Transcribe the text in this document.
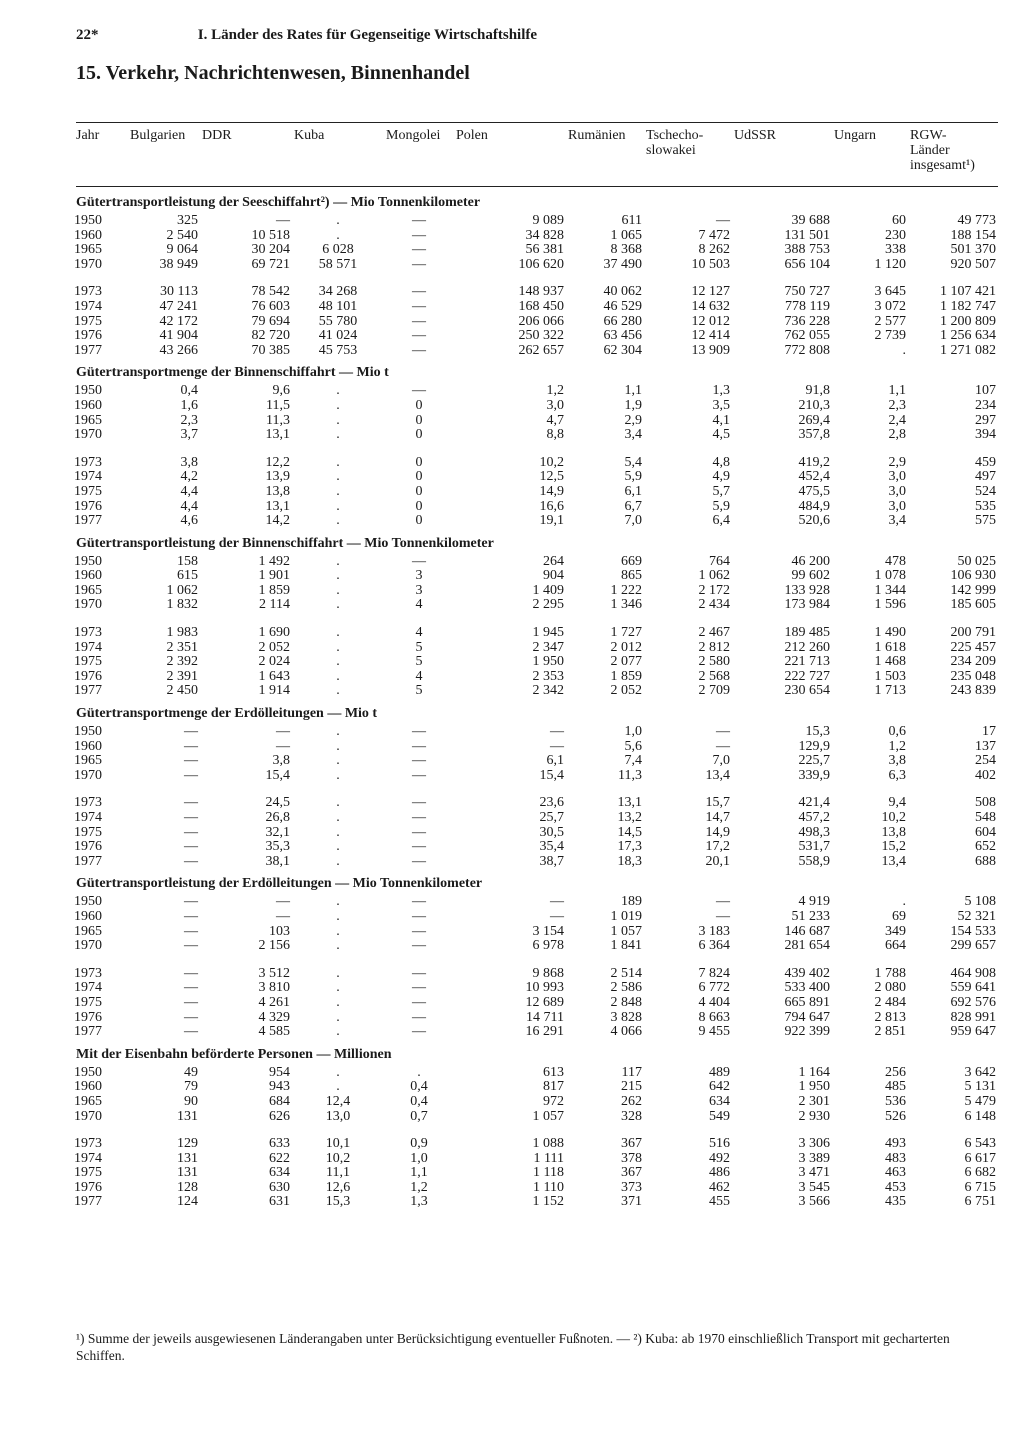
22*	I. Länder des Rates für Gegenseitige Wirtschaftshilfe
15. Verkehr, Nachrichtenwesen, Binnenhandel
Jahr	Bulgarien	DDR	Kuba	Mongolei	Polen	Rumänien	Tschecho-
slowakei	UdSSR	Ungarn	RGW-
Länder
insgesamt¹)
Gütertransportleistung der Seeschiffahrt²) — Mio Tonnenkilometer										
1950	325	—	.	—	9 089	611	—	39 688	60	49 773
1960	2 540	10 518	.	—	34 828	1 065	7 472	131 501	230	188 154
1965	9 064	30 204	6 028	—	56 381	8 368	8 262	388 753	338	501 370
1970	38 949	69 721	58 571	—	106 620	37 490	10 503	656 104	1 120	920 507

1973	30 113	78 542	34 268	—	148 937	40 062	12 127	750 727	3 645	1 107 421
1974	47 241	76 603	48 101	—	168 450	46 529	14 632	778 119	3 072	1 182 747
1975	42 172	79 694	55 780	—	206 066	66 280	12 012	736 228	2 577	1 200 809
1976	41 904	82 720	41 024	—	250 322	63 456	12 414	762 055	2 739	1 256 634
1977	43 266	70 385	45 753	—	262 657	62 304	13 909	772 808	.	1 271 082
Gütertransportmenge der Binnenschiffahrt — Mio t										
1950	0,4	9,6	.	—	1,2	1,1	1,3	91,8	1,1	107
1960	1,6	11,5	.	0	3,0	1,9	3,5	210,3	2,3	234
1965	2,3	11,3	.	0	4,7	2,9	4,1	269,4	2,4	297
1970	3,7	13,1	.	0	8,8	3,4	4,5	357,8	2,8	394

1973	3,8	12,2	.	0	10,2	5,4	4,8	419,2	2,9	459
1974	4,2	13,9	.	0	12,5	5,9	4,9	452,4	3,0	497
1975	4,4	13,8	.	0	14,9	6,1	5,7	475,5	3,0	524
1976	4,4	13,1	.	0	16,6	6,7	5,9	484,9	3,0	535
1977	4,6	14,2	.	0	19,1	7,0	6,4	520,6	3,4	575
Gütertransportleistung der Binnenschiffahrt — Mio Tonnenkilometer										
1950	158	1 492	.	—	264	669	764	46 200	478	50 025
1960	615	1 901	.	3	904	865	1 062	99 602	1 078	106 930
1965	1 062	1 859	.	3	1 409	1 222	2 172	133 928	1 344	142 999
1970	1 832	2 114	.	4	2 295	1 346	2 434	173 984	1 596	185 605

1973	1 983	1 690	.	4	1 945	1 727	2 467	189 485	1 490	200 791
1974	2 351	2 052	.	5	2 347	2 012	2 812	212 260	1 618	225 457
1975	2 392	2 024	.	5	1 950	2 077	2 580	221 713	1 468	234 209
1976	2 391	1 643	.	4	2 353	1 859	2 568	222 727	1 503	235 048
1977	2 450	1 914	.	5	2 342	2 052	2 709	230 654	1 713	243 839
Gütertransportmenge der Erdölleitungen — Mio t										
1950	—	—	.	—	—	1,0	—	15,3	0,6	17
1960	—	—	.	—	—	5,6	—	129,9	1,2	137
1965	—	3,8	.	—	6,1	7,4	7,0	225,7	3,8	254
1970	—	15,4	.	—	15,4	11,3	13,4	339,9	6,3	402

1973	—	24,5	.	—	23,6	13,1	15,7	421,4	9,4	508
1974	—	26,8	.	—	25,7	13,2	14,7	457,2	10,2	548
1975	—	32,1	.	—	30,5	14,5	14,9	498,3	13,8	604
1976	—	35,3	.	—	35,4	17,3	17,2	531,7	15,2	652
1977	—	38,1	.	—	38,7	18,3	20,1	558,9	13,4	688
Gütertransportleistung der Erdölleitungen — Mio Tonnenkilometer										
1950	—	—	.	—	—	189	—	4 919	.	5 108
1960	—	—	.	—	—	1 019	—	51 233	69	52 321
1965	—	103	.	—	3 154	1 057	3 183	146 687	349	154 533
1970	—	2 156	.	—	6 978	1 841	6 364	281 654	664	299 657

1973	—	3 512	.	—	9 868	2 514	7 824	439 402	1 788	464 908
1974	—	3 810	.	—	10 993	2 586	6 772	533 400	2 080	559 641
1975	—	4 261	.	—	12 689	2 848	4 404	665 891	2 484	692 576
1976	—	4 329	.	—	14 711	3 828	8 663	794 647	2 813	828 991
1977	—	4 585	.	—	16 291	4 066	9 455	922 399	2 851	959 647
Mit der Eisenbahn beförderte Personen — Millionen										
1950	49	954	.	.	613	117	489	1 164	256	3 642
1960	79	943	.	0,4	817	215	642	1 950	485	5 131
1965	90	684	12,4	0,4	972	262	634	2 301	536	5 479
1970	131	626	13,0	0,7	1 057	328	549	2 930	526	6 148

1973	129	633	10,1	0,9	1 088	367	516	3 306	493	6 543
1974	131	622	10,2	1,0	1 111	378	492	3 389	483	6 617
1975	131	634	11,1	1,1	1 118	367	486	3 471	463	6 682
1976	128	630	12,6	1,2	1 110	373	462	3 545	453	6 715
1977	124	631	15,3	1,3	1 152	371	455	3 566	435	6 751
¹) Summe der jeweils ausgewiesenen Länderangaben unter Berücksichtigung eventueller Fußnoten. — ²) Kuba: ab 1970 einschließlich Transport mit gecharterten Schiffen.
